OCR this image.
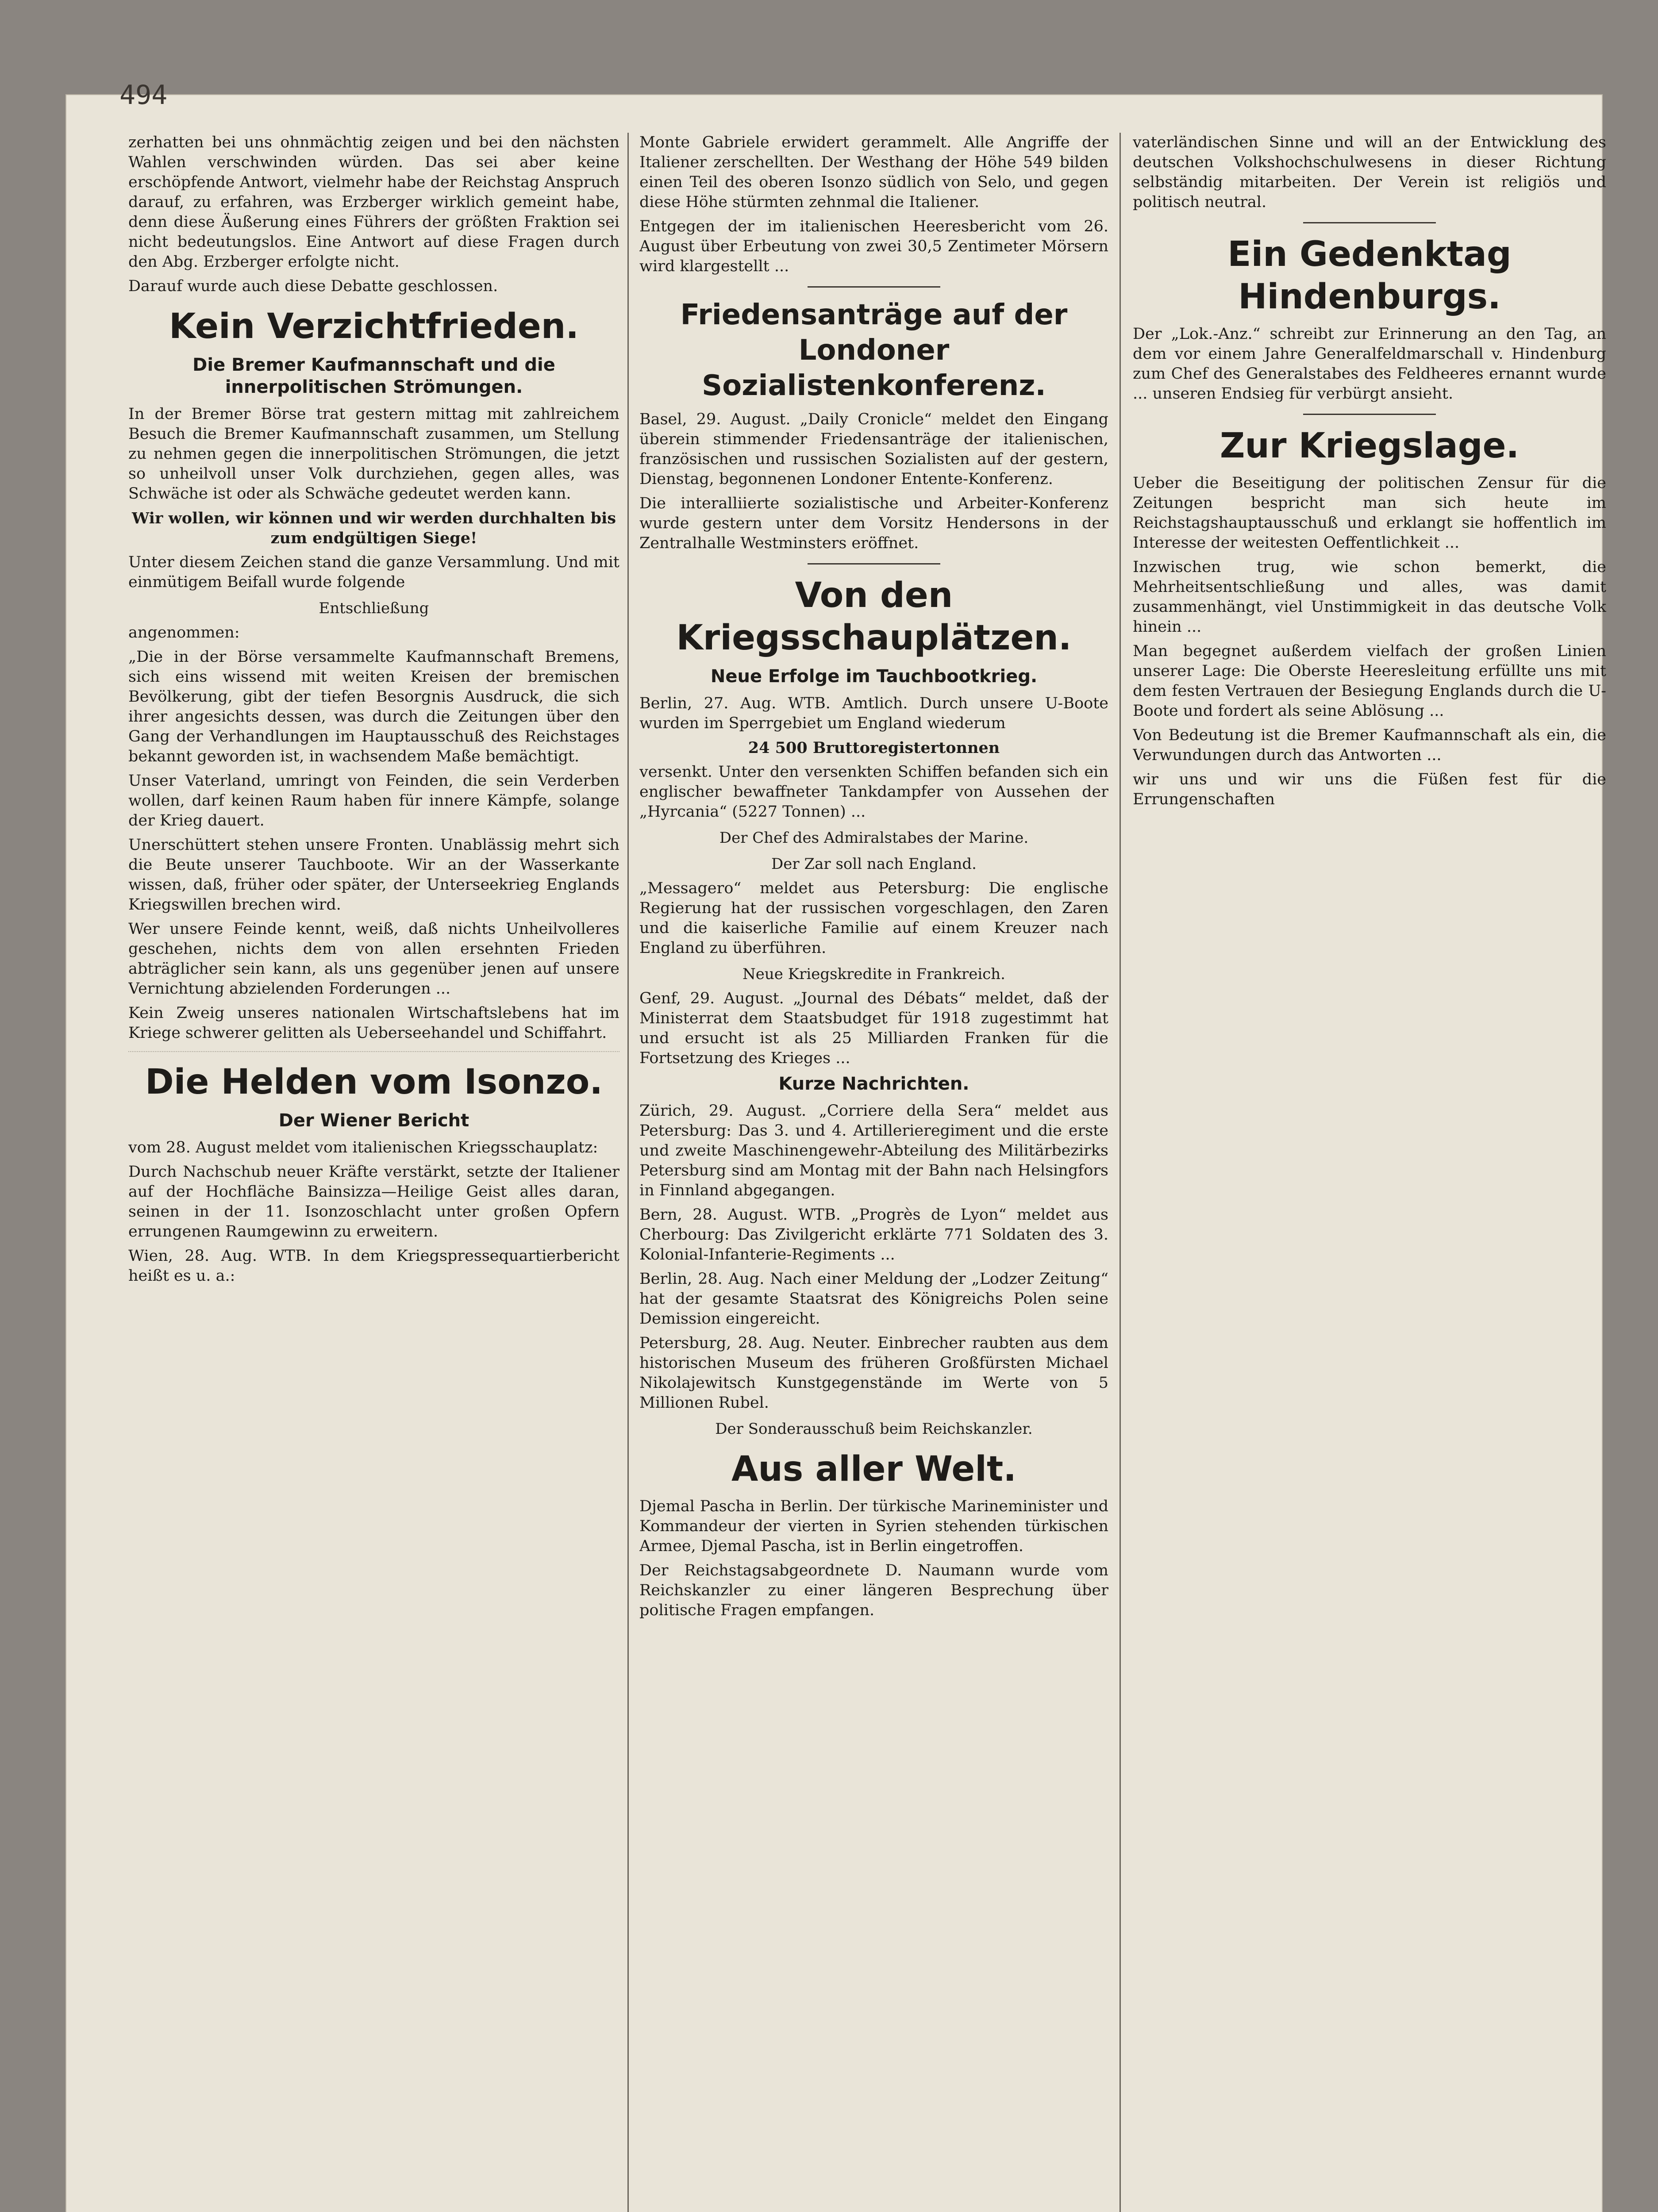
494

zerhatten bei uns ohnmächtig zeigen und bei den nächsten Wahlen verschwinden würden. Das sei aber keine erschöpfende Antwort, vielmehr habe der Reichstag Anspruch darauf, zu erfahren, was Erzberger wirklich gemeint habe, denn diese Äußerung eines Führers der größten Fraktion sei nicht bedeutungslos. Eine Antwort auf diese Fragen durch den Abg. Erzberger erfolgte nicht.

Darauf wurde auch diese Debatte geschlossen.

Kein Verzichtfrieden.
Die Bremer Kaufmannschaft und die innerpolitischen Strömungen.

In der Bremer Börse trat gestern mittag mit zahlreichem Besuch die Bremer Kaufmannschaft zusammen, um Stellung zu nehmen gegen die innerpolitischen Strömungen, die jetzt so unheilvoll unser Volk durchziehen, gegen alles, was Schwäche ist oder als Schwäche gedeutet werden kann.

Wir wollen, wir können und wir werden durchhalten bis zum endgültigen Siege!

Unter diesem Zeichen stand die ganze Versammlung. Und mit einmütigem Beifall wurde folgende

Entschließung

angenommen:

„Die in der Börse versammelte Kaufmannschaft Bremens, sich eins wissend mit weiten Kreisen der bremischen Bevölkerung, gibt der tiefen Besorgnis Ausdruck, die sich ihrer angesichts dessen, was durch die Zeitungen über den Gang der Verhandlungen im Hauptausschuß des Reichstages bekannt geworden ist, in wachsendem Maße bemächtigt.

Unser Vaterland, umringt von Feinden, die sein Verderben wollen, darf keinen Raum haben für innere Kämpfe, solange der Krieg dauert.

Unerschüttert stehen unsere Fronten. Unablässig mehrt sich die Beute unserer Tauchboote. Wir an der Wasserkante wissen, daß, früher oder später, der Unterseekrieg Englands Kriegswillen brechen wird.

Wer unsere Feinde kennt, weiß, daß nichts Unheilvolleres geschehen, nichts dem von allen ersehnten Frieden abträglicher sein kann, als uns gegenüber jenen auf unsere Vernichtung abzielenden Forderungen ...

Kein Zweig unseres nationalen Wirtschaftslebens hat im Kriege schwerer gelitten als Ueberseehandel und Schiffahrt.

Die Helden vom Isonzo.
Der Wiener Bericht

vom 28. August meldet vom italienischen Kriegsschauplatz:

Durch Nachschub neuer Kräfte verstärkt, setzte der Italiener auf der Hochfläche Bainsizza—Heilige Geist alles daran, seinen in der 11. Isonzoschlacht unter großen Opfern errungenen Raumgewinn zu erweitern.

Wien, 28. Aug. WTB. In dem Kriegspressequartierbericht heißt es u. a.:

Monte Gabriele erwidert gerammelt. Alle Angriffe der Italiener zerschellten. Der Westhang der Höhe 549 bilden einen Teil des oberen Isonzo südlich von Selo, und gegen diese Höhe stürmten zehnmal die Italiener.

Entgegen der im italienischen Heeresbericht vom 26. August über Erbeutung von zwei 30,5 Zentimeter Mörsern wird klargestellt ...

Friedensanträge auf der Londoner Sozialistenkonferenz.

Basel, 29. August. „Daily Cronicle“ meldet den Eingang überein stimmender Friedensanträge der italienischen, französischen und russischen Sozialisten auf der gestern, Dienstag, begonnenen Londoner Entente-Konferenz.

Die interalliierte sozialistische und Arbeiter-Konferenz wurde gestern unter dem Vorsitz Hendersons in der Zentralhalle Westminsters eröffnet.

Von den Kriegsschauplätzen.
Neue Erfolge im Tauchbootkrieg.

Berlin, 27. Aug. WTB. Amtlich. Durch unsere U-Boote wurden im Sperrgebiet um England wiederum

24 500 Bruttoregistertonnen

versenkt. Unter den versenkten Schiffen befanden sich ein englischer bewaffneter Tankdampfer von Aussehen der „Hyrcania“ (5227 Tonnen) ...

Der Chef des Admiralstabes der Marine.
Der Zar soll nach England.

„Messagero“ meldet aus Petersburg: Die englische Regierung hat der russischen vorgeschlagen, den Zaren und die kaiserliche Familie auf einem Kreuzer nach England zu überführen.

Neue Kriegskredite in Frankreich.

Genf, 29. August. „Journal des Débats“ meldet, daß der Ministerrat dem Staatsbudget für 1918 zugestimmt hat und ersucht ist als 25 Milliarden Franken für die Fortsetzung des Krieges ...

Kurze Nachrichten.

Zürich, 29. August. „Corriere della Sera“ meldet aus Petersburg: Das 3. und 4. Artillerieregiment und die erste und zweite Maschinengewehr-Abteilung des Militärbezirks Petersburg sind am Montag mit der Bahn nach Helsingfors in Finnland abgegangen.

Bern, 28. August. WTB. „Progrès de Lyon“ meldet aus Cherbourg: Das Zivilgericht erklärte 771 Soldaten des 3. Kolonial-Infanterie-Regiments ...

Berlin, 28. Aug. Nach einer Meldung der „Lodzer Zeitung“ hat der gesamte Staatsrat des Königreichs Polen seine Demission eingereicht.

Petersburg, 28. Aug. Neuter. Einbrecher raubten aus dem historischen Museum des früheren Großfürsten Michael Nikolajewitsch Kunstgegenstände im Werte von 5 Millionen Rubel.

Der Sonderausschuß beim Reichskanzler.
Aus aller Welt.

Djemal Pascha in Berlin. Der türkische Marineminister und Kommandeur der vierten in Syrien stehenden türkischen Armee, Djemal Pascha, ist in Berlin eingetroffen.

Der Reichstagsabgeordnete D. Naumann wurde vom Reichskanzler zu einer längeren Besprechung über politische Fragen empfangen.

vaterländischen Sinne und will an der Entwicklung des deutschen Volkshochschulwesens in dieser Richtung selbständig mitarbeiten. Der Verein ist religiös und politisch neutral.

Ein Gedenktag Hindenburgs.

Der „Lok.-Anz.“ schreibt zur Erinnerung an den Tag, an dem vor einem Jahre Generalfeldmarschall v. Hindenburg zum Chef des Generalstabes des Feldheeres ernannt wurde ... unseren Endsieg für verbürgt ansieht.

Zur Kriegslage.

Ueber die Beseitigung der politischen Zensur für die Zeitungen bespricht man sich heute im Reichstagshauptausschuß und erklangt sie hoffentlich im Interesse der weitesten Oeffentlichkeit ...

Inzwischen trug, wie schon bemerkt, die Mehrheitsentschließung und alles, was damit zusammenhängt, viel Unstimmigkeit in das deutsche Volk hinein ...

Man begegnet außerdem vielfach der großen Linien unserer Lage: Die Oberste Heeresleitung erfüllte uns mit dem festen Vertrauen der Besiegung Englands durch die U-Boote und fordert als seine Ablösung ...

Von Bedeutung ist die Bremer Kaufmannschaft als ein, die Verwundungen durch das Antworten ...

wir uns und wir uns die Füßen fest für die Errungenschaften
